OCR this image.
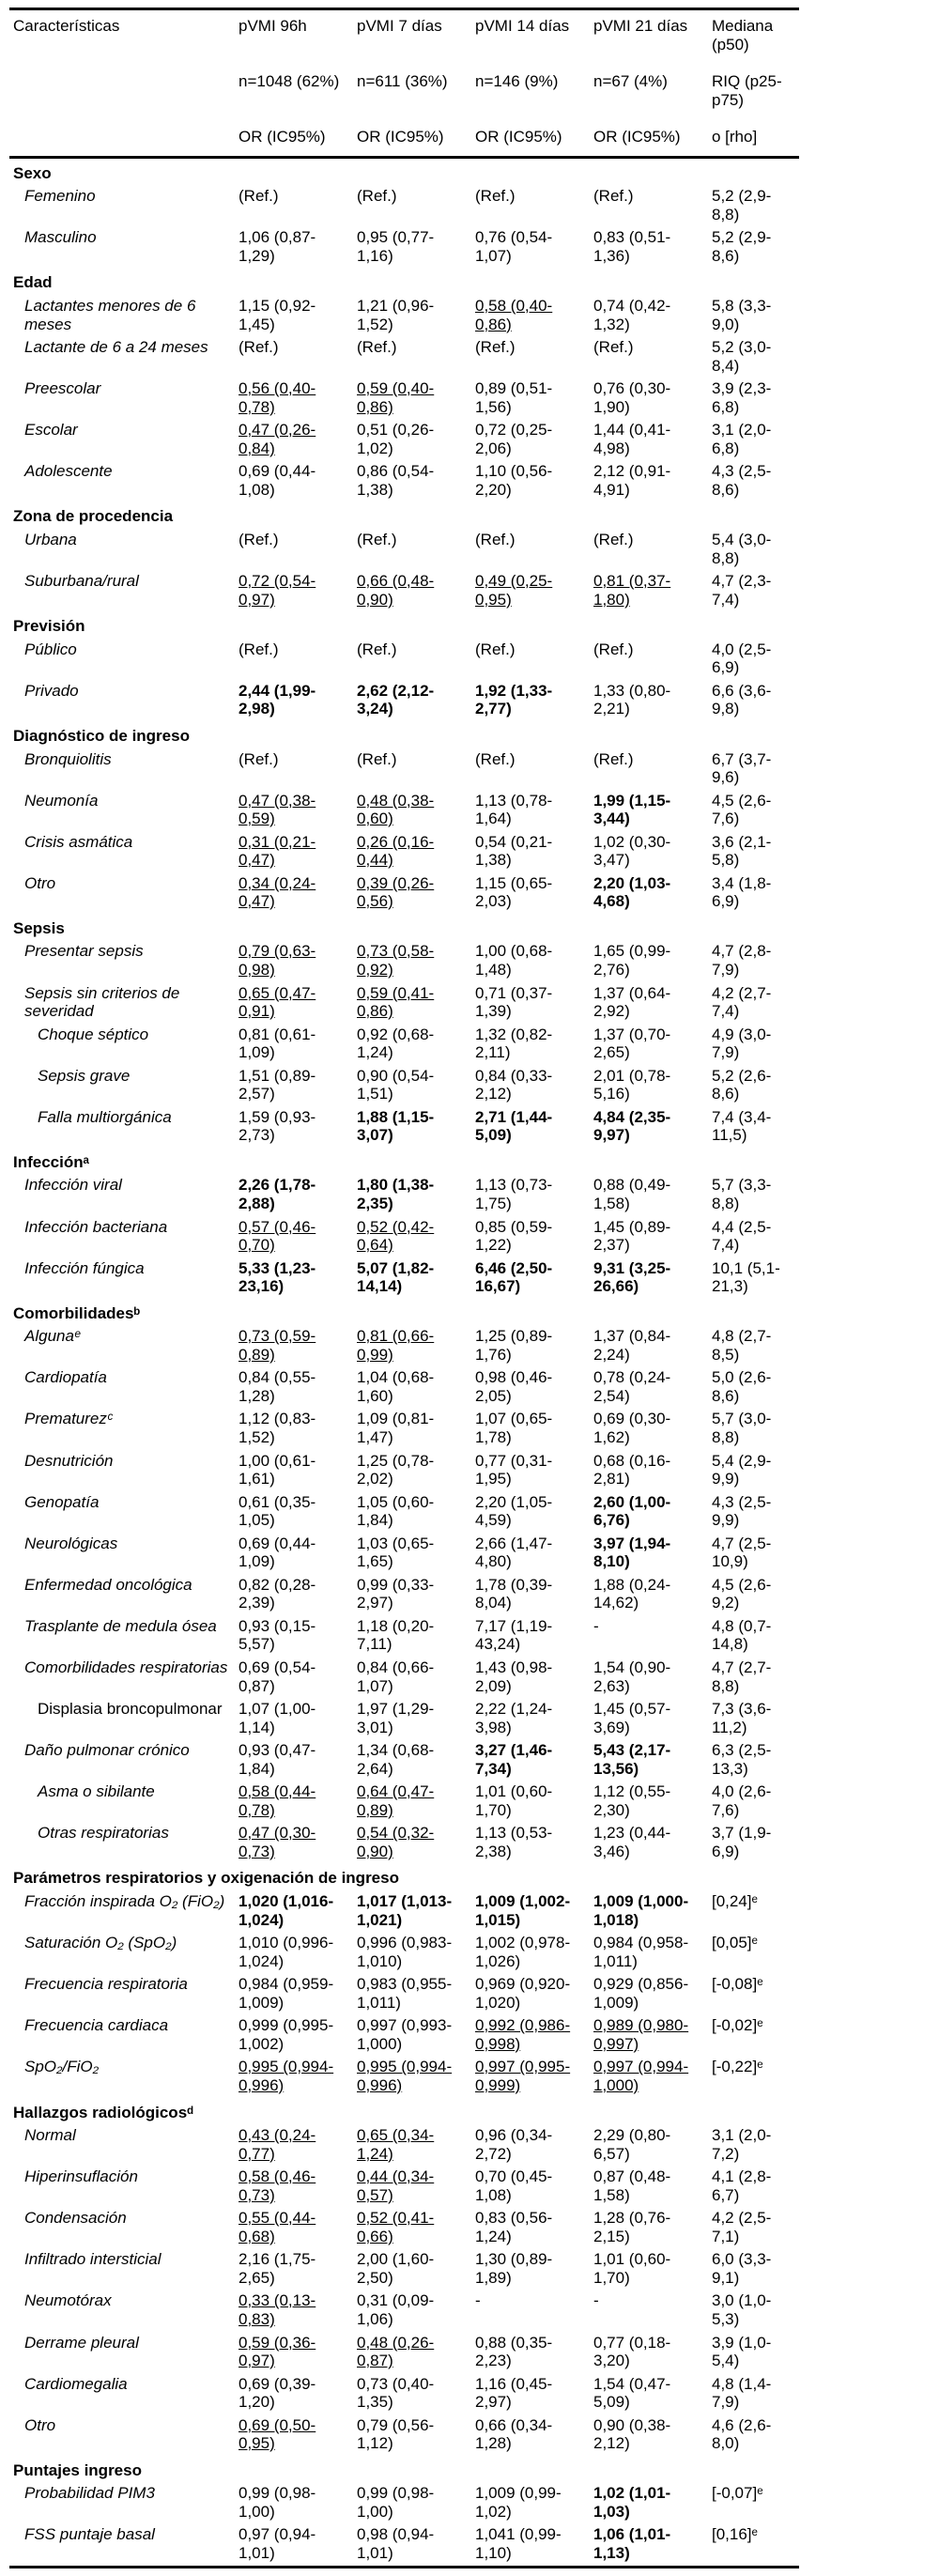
Características	pVMI 96h	pVMI 7 días	pVMI 14 días	pVMI 21 días	Mediana (p50)
	n=1048 (62%)	n=611 (36%)	n=146 (9%)	n=67 (4%)	RIQ (p25-p75)
	OR (IC95%)	OR (IC95%)	OR (IC95%)	OR (IC95%)	o [rho]
Sexo					
Femenino	(Ref.)	(Ref.)	(Ref.)	(Ref.)	5,2 (2,9-8,8)
Masculino	1,06 (0,87-1,29)	0,95 (0,77-1,16)	0,76 (0,54-1,07)	0,83 (0,51-1,36)	5,2 (2,9-8,6)
Edad					
Lactantes menores de 6 meses	1,15 (0,92-1,45)	1,21 (0,96-1,52)	0,58 (0,40-0,86)	0,74 (0,42-1,32)	5,8 (3,3-9,0)
Lactante de 6 a 24 meses	(Ref.)	(Ref.)	(Ref.)	(Ref.)	5,2 (3,0-8,4)
Preescolar	0,56 (0,40-0,78)	0,59 (0,40-0,86)	0,89 (0,51-1,56)	0,76 (0,30-1,90)	3,9 (2,3-6,8)
Escolar	0,47 (0,26-0,84)	0,51 (0,26-1,02)	0,72 (0,25-2,06)	1,44 (0,41-4,98)	3,1 (2,0-6,8)
Adolescente	0,69 (0,44-1,08)	0,86 (0,54-1,38)	1,10 (0,56-2,20)	2,12 (0,91-4,91)	4,3 (2,5-8,6)
Zona de procedencia					
Urbana	(Ref.)	(Ref.)	(Ref.)	(Ref.)	5,4 (3,0-8,8)
Suburbana/rural	0,72 (0,54-0,97)	0,66 (0,48-0,90)	0,49 (0,25-0,95)	0,81 (0,37-1,80)	4,7 (2,3-7,4)
Previsión					
Público	(Ref.)	(Ref.)	(Ref.)	(Ref.)	4,0 (2,5-6,9)
Privado	2,44 (1,99-2,98)	2,62 (2,12-3,24)	1,92 (1,33-2,77)	1,33 (0,80-2,21)	6,6 (3,6-9,8)
Diagnóstico de ingreso					
Bronquiolitis	(Ref.)	(Ref.)	(Ref.)	(Ref.)	6,7 (3,7-9,6)
Neumonía	0,47 (0,38-0,59)	0,48 (0,38-0,60)	1,13 (0,78-1,64)	1,99 (1,15-3,44)	4,5 (2,6-7,6)
Crisis asmática	0,31 (0,21-0,47)	0,26 (0,16-0,44)	0,54 (0,21-1,38)	1,02 (0,30-3,47)	3,6 (2,1-5,8)
Otro	0,34 (0,24-0,47)	0,39 (0,26-0,56)	1,15 (0,65-2,03)	2,20 (1,03-4,68)	3,4 (1,8-6,9)
Sepsis					
Presentar sepsis	0,79 (0,63-0,98)	0,73 (0,58-0,92)	1,00 (0,68-1,48)	1,65 (0,99-2,76)	4,7 (2,8-7,9)
Sepsis sin criterios de severidad	0,65 (0,47-0,91)	0,59 (0,41-0,86)	0,71 (0,37-1,39)	1,37 (0,64-2,92)	4,2 (2,7-7,4)
Choque séptico	0,81 (0,61-1,09)	0,92 (0,68-1,24)	1,32 (0,82-2,11)	1,37 (0,70-2,65)	4,9 (3,0-7,9)
Sepsis grave	1,51 (0,89-2,57)	0,90 (0,54-1,51)	0,84 (0,33-2,12)	2,01 (0,78-5,16)	5,2 (2,6-8,6)
Falla multiorgánica	1,59 (0,93-2,73)	1,88 (1,15-3,07)	2,71 (1,44-5,09)	4,84 (2,35-9,97)	7,4 (3,4-11,5)
Infecciónᵃ					
Infección viral	2,26 (1,78-2,88)	1,80 (1,38-2,35)	1,13 (0,73-1,75)	0,88 (0,49-1,58)	5,7 (3,3-8,8)
Infección bacteriana	0,57 (0,46-0,70)	0,52 (0,42-0,64)	0,85 (0,59-1,22)	1,45 (0,89-2,37)	4,4 (2,5-7,4)
Infección fúngica	5,33 (1,23-23,16)	5,07 (1,82-14,14)	6,46 (2,50-16,67)	9,31 (3,25-26,66)	10,1 (5,1-21,3)
Comorbilidadesᵇ					
Algunaᵉ	0,73 (0,59-0,89)	0,81 (0,66-0,99)	1,25 (0,89-1,76)	1,37 (0,84-2,24)	4,8 (2,7-8,5)
Cardiopatía	0,84 (0,55-1,28)	1,04 (0,68-1,60)	0,98 (0,46-2,05)	0,78 (0,24-2,54)	5,0 (2,6-8,6)
Prematurezᶜ	1,12 (0,83-1,52)	1,09 (0,81-1,47)	1,07 (0,65-1,78)	0,69 (0,30-1,62)	5,7 (3,0-8,8)
Desnutrición	1,00 (0,61-1,61)	1,25 (0,78-2,02)	0,77 (0,31-1,95)	0,68 (0,16-2,81)	5,4 (2,9-9,9)
Genopatía	0,61 (0,35-1,05)	1,05 (0,60-1,84)	2,20 (1,05-4,59)	2,60 (1,00-6,76)	4,3 (2,5-9,9)
Neurológicas	0,69 (0,44-1,09)	1,03 (0,65-1,65)	2,66 (1,47-4,80)	3,97 (1,94-8,10)	4,7 (2,5-10,9)
Enfermedad oncológica	0,82 (0,28-2,39)	0,99 (0,33-2,97)	1,78 (0,39-8,04)	1,88 (0,24-14,62)	4,5 (2,6-9,2)
Trasplante de medula ósea	0,93 (0,15-5,57)	1,18 (0,20-7,11)	7,17 (1,19-43,24)	-	4,8 (0,7-14,8)
Comorbilidades respiratorias	0,69 (0,54-0,87)	0,84 (0,66-1,07)	1,43 (0,98-2,09)	1,54 (0,90-2,63)	4,7 (2,7-8,8)
Displasia broncopulmonar	1,07 (1,00-1,14)	1,97 (1,29-3,01)	2,22 (1,24-3,98)	1,45 (0,57-3,69)	7,3 (3,6-11,2)
Daño pulmonar crónico	0,93 (0,47-1,84)	1,34 (0,68-2,64)	3,27 (1,46-7,34)	5,43 (2,17-13,56)	6,3 (2,5-13,3)
Asma o sibilante	0,58 (0,44-0,78)	0,64 (0,47-0,89)	1,01 (0,60-1,70)	1,12 (0,55-2,30)	4,0 (2,6-7,6)
Otras respiratorias	0,47 (0,30-0,73)	0,54 (0,32-0,90)	1,13 (0,53-2,38)	1,23 (0,44-3,46)	3,7 (1,9-6,9)
Parámetros respiratorios y oxigenación de ingreso					
Fracción inspirada O₂ (FiO₂)	1,020 (1,016-1,024)	1,017 (1,013-1,021)	1,009 (1,002-1,015)	1,009 (1,000-1,018)	[0,24]ᵉ
Saturación O₂ (SpO₂)	1,010 (0,996-1,024)	0,996 (0,983-1,010)	1,002 (0,978-1,026)	0,984 (0,958-1,011)	[0,05]ᵉ
Frecuencia respiratoria	0,984 (0,959-1,009)	0,983 (0,955-1,011)	0,969 (0,920-1,020)	0,929 (0,856-1,009)	[-0,08]ᵉ
Frecuencia cardiaca	0,999 (0,995-1,002)	0,997 (0,993-1,000)	0,992 (0,986-0,998)	0,989 (0,980-0,997)	[-0,02]ᵉ
SpO₂/FiO₂	0,995 (0,994-0,996)	0,995 (0,994-0,996)	0,997 (0,995-0,999)	0,997 (0,994-1,000)	[-0,22]ᵉ
Hallazgos radiológicosᵈ					
Normal	0,43 (0,24-0,77)	0,65 (0,34-1,24)	0,96 (0,34-2,72)	2,29 (0,80-6,57)	3,1 (2,0-7,2)
Hiperinsuflación	0,58 (0,46-0,73)	0,44 (0,34-0,57)	0,70 (0,45-1,08)	0,87 (0,48-1,58)	4,1 (2,8-6,7)
Condensación	0,55 (0,44-0,68)	0,52 (0,41-0,66)	0,83 (0,56-1,24)	1,28 (0,76-2,15)	4,2 (2,5-7,1)
Infiltrado intersticial	2,16 (1,75-2,65)	2,00 (1,60-2,50)	1,30 (0,89-1,89)	1,01 (0,60-1,70)	6,0 (3,3-9,1)
Neumotórax	0,33 (0,13-0,83)	0,31 (0,09-1,06)	-	-	3,0 (1,0-5,3)
Derrame pleural	0,59 (0,36-0,97)	0,48 (0,26-0,87)	0,88 (0,35-2,23)	0,77 (0,18-3,20)	3,9 (1,0-5,4)
Cardiomegalia	0,69 (0,39-1,20)	0,73 (0,40-1,35)	1,16 (0,45-2,97)	1,54 (0,47-5,09)	4,8 (1,4-7,9)
Otro	0,69 (0,50-0,95)	0,79 (0,56-1,12)	0,66 (0,34-1,28)	0,90 (0,38-2,12)	4,6 (2,6-8,0)
Puntajes ingreso					
Probabilidad PIM3	0,99 (0,98-1,00)	0,99 (0,98-1,00)	1,009 (0,99-1,02)	1,02 (1,01-1,03)	[-0,07]ᵉ
FSS puntaje basal	0,97 (0,94-1,01)	0,98 (0,94-1,01)	1,041 (0,99-1,10)	1,06 (1,01-1,13)	[0,16]ᵉ
